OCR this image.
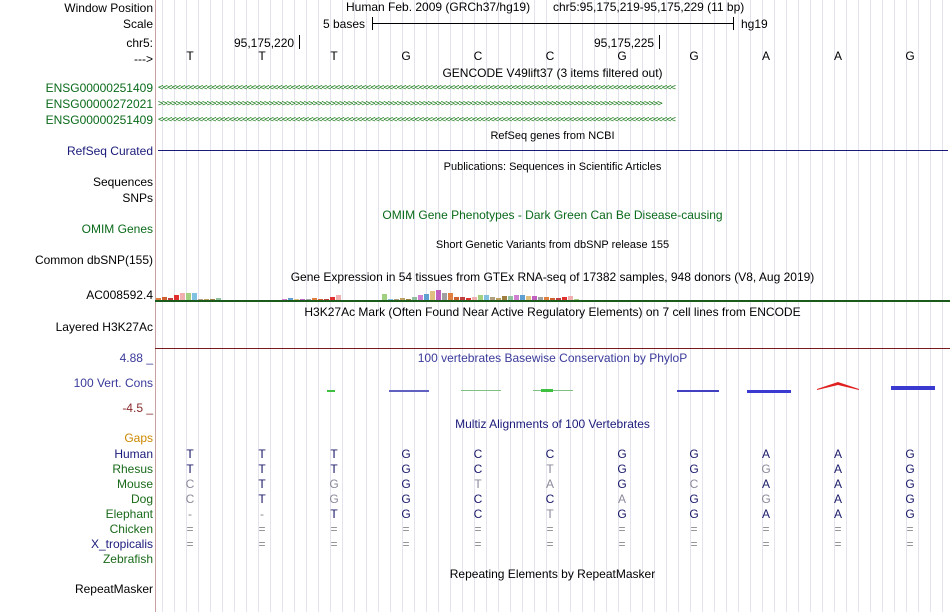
Window Position
Scale
chr5:
--->
Human Feb. 2009 (GRCh37/hg19) chr5:95,175,219-95,175,229 (11 bp)
5 bases	hg19
95,175,220	95,175,225
T	T	T	G	C	C	G	G	A	A	G
GENCODE V49lift37 (3 items filtered out)
ENSG00000251409
ENSG00000272021
ENSG00000251409
<<<<<<<<<<<<<<<<<<<<<<<<<<<<<<<<<<<<<<<<<<<<<<<<<<<<<<<<<<<<<<<<<<<<<<<<<<<<<<<<<<<<<<<<<<<<<<<<<<<<<<<<<<<<<<<<<<<<<
>>>>>>>>>>>>>>>>>>>>>>>>>>>>>>>>>>>>>>>>>>>>>>>>>>>>>>>>>>>>>>>>>>>>>>>>>>>>>>>>>>>>>>>>>>>>>>>>>>>>>>>>>>>>>>>>>>
<<<<<<<<<<<<<<<<<<<<<<<<<<<<<<<<<<<<<<<<<<<<<<<<<<<<<<<<<<<<<<<<<<<<<<<<<<<<<<<<<<<<<<<<<<<<<<<<<<<<<<<<<<<<<<<<<<<<<
RefSeq genes from NCBI
RefSeq Curated
Publications: Sequences in Scientific Articles
Sequences
SNPs
OMIM Gene Phenotypes - Dark Green Can Be Disease-causing
OMIM Genes
Short Genetic Variants from dbSNP release 155
Common dbSNP(155)
Gene Expression in 54 tissues from GTEx RNA-seq of 17382 samples, 948 donors (V8, Aug 2019)
AC008592.4
H3K27Ac Mark (Often Found Near Active Regulatory Elements) on 7 cell lines from ENCODE
Layered H3K27Ac
100 vertebrates Basewise Conservation by PhyloP
4.88 _
100 Vert. Cons
-4.5 _
Multiz Alignments of 100 Vertebrates
Gaps
Human	T	T	T	G	C	C	G	G	A	A	G
Rhesus	T	T	T	G	C	T	G	G	G	A	G
Mouse	C	T	G	G	T	A	G	C	A	A	G
Dog	C	T	G	G	C	C	A	G	G	A	G
Elephant	-	-	T	G	C	T	G	G	A	A	G
Chicken	=	=	=	=	=	=	=	=	=	=	=
X_tropicalis	=	=	=	=	=	=	=	=	=	=	=
Zebrafish
Repeating Elements by RepeatMasker
RepeatMasker
